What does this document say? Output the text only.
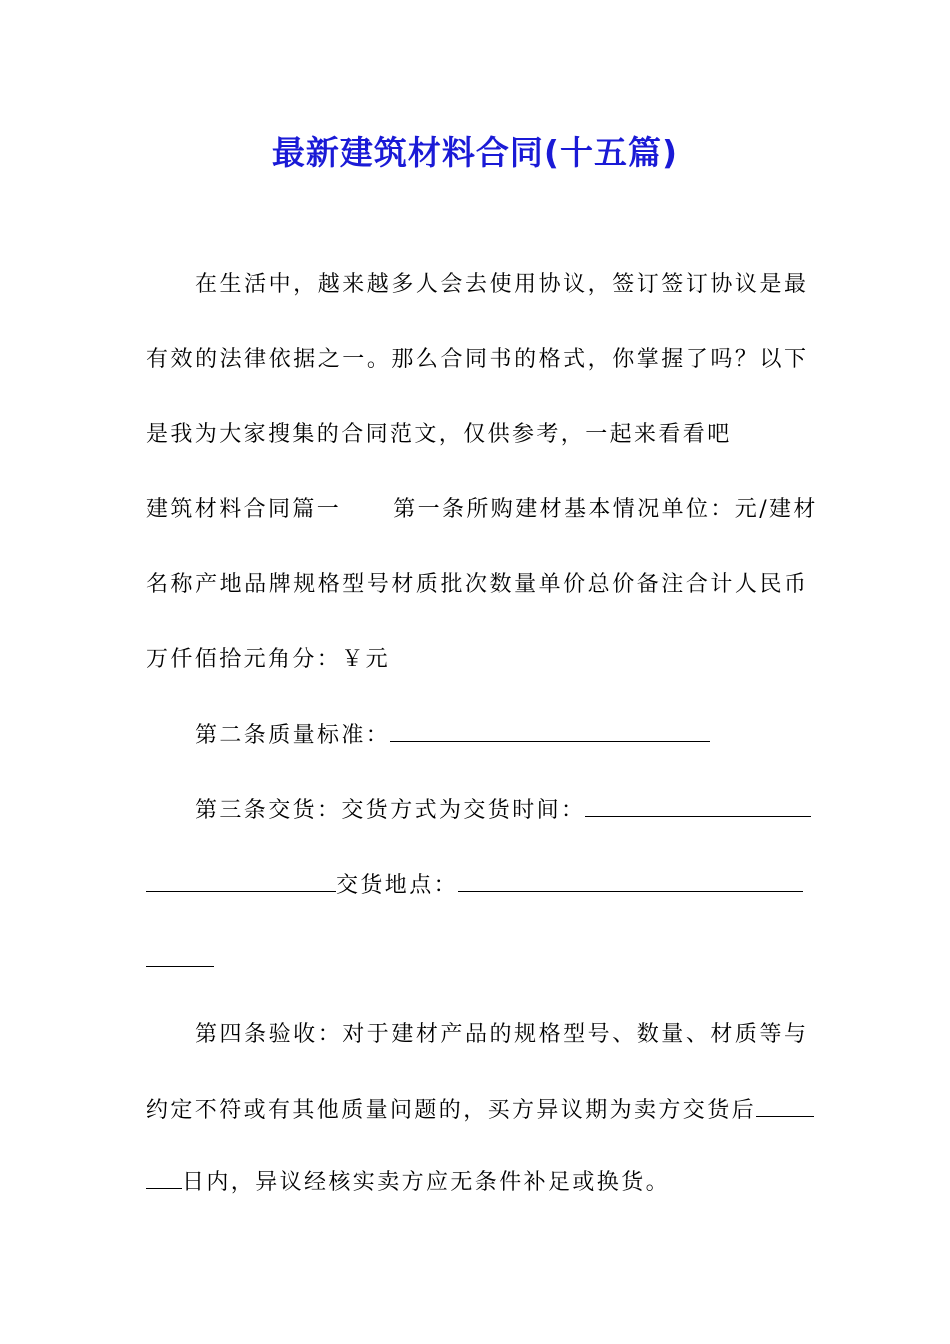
最新建筑材料合同(十五篇)
在生活中，越来越多人会去使用协议，签订签订协议是最
有效的法律依据之一。那么合同书的格式，你掌握了吗？以下
是我为大家搜集的合同范文，仅供参考，一起来看看吧
建筑材料合同篇一 第一条所购建材基本情况单位：元/建材
名称产地品牌规格型号材质批次数量单价总价备注合计人民币
万仟佰拾元角分：￥元
第二条质量标准：
第三条交货：交货方式为交货时间：
交货地点：
第四条验收：对于建材产品的规格型号、数量、材质等与
约定不符或有其他质量问题的，买方异议期为卖方交货后
日内，异议经核实卖方应无条件补足或换货。
